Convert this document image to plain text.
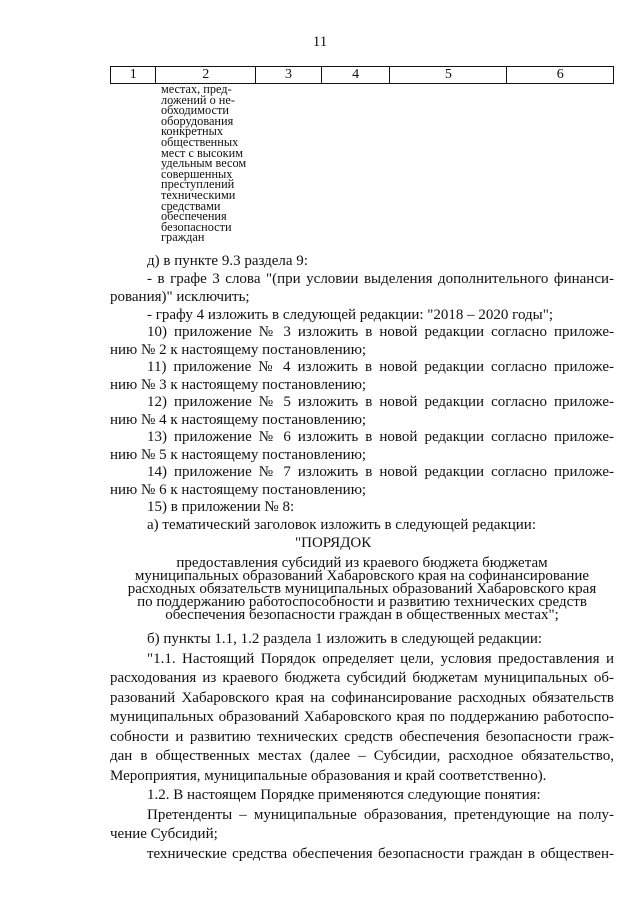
11
1	2	3	4	5	6
местах, пред-
ложений о не-
обходимости
оборудования
конкретных
общественных
мест с высоким
удельным весом
совершенных
преступлений
техническими
средствами
обеспечения
безопасности
граждан
д) в пункте 9.3 раздела 9:
- в графе 3 слова "(при условии выделения дополнительного финанси-
рования)" исключить;
- графу 4 изложить в следующей редакции: "2018 – 2020 годы";
10) приложение № 3 изложить в новой редакции согласно приложе-
нию № 2 к настоящему постановлению;
11) приложение № 4 изложить в новой редакции согласно приложе-
нию № 3 к настоящему постановлению;
12) приложение № 5 изложить в новой редакции согласно приложе-
нию № 4 к настоящему постановлению;
13) приложение № 6 изложить в новой редакции согласно приложе-
нию № 5 к настоящему постановлению;
14) приложение № 7 изложить в новой редакции согласно приложе-
нию № 6 к настоящему постановлению;
15) в приложении № 8:
а) тематический заголовок изложить в следующей редакции:
"ПОРЯДОК
предоставления субсидий из краевого бюджета бюджетам
муниципальных образований Хабаровского края на софинансирование
расходных обязательств муниципальных образований Хабаровского края
по поддержанию работоспособности и развитию технических средств
обеспечения безопасности граждан в общественных местах";
б) пункты 1.1, 1.2 раздела 1 изложить в следующей редакции:
"1.1. Настоящий Порядок определяет цели, условия предоставления и
расходования из краевого бюджета субсидий бюджетам муниципальных об-
разований Хабаровского края на софинансирование расходных обязательств
муниципальных образований Хабаровского края по поддержанию работоспо-
собности и развитию технических средств обеспечения безопасности граж-
дан в общественных местах (далее – Субсидии, расходное обязательство,
Мероприятия, муниципальные образования и край соответственно).
1.2. В настоящем Порядке применяются следующие понятия:
Претенденты – муниципальные образования, претендующие на полу-
чение Субсидий;
технические средства обеспечения безопасности граждан в обществен-
